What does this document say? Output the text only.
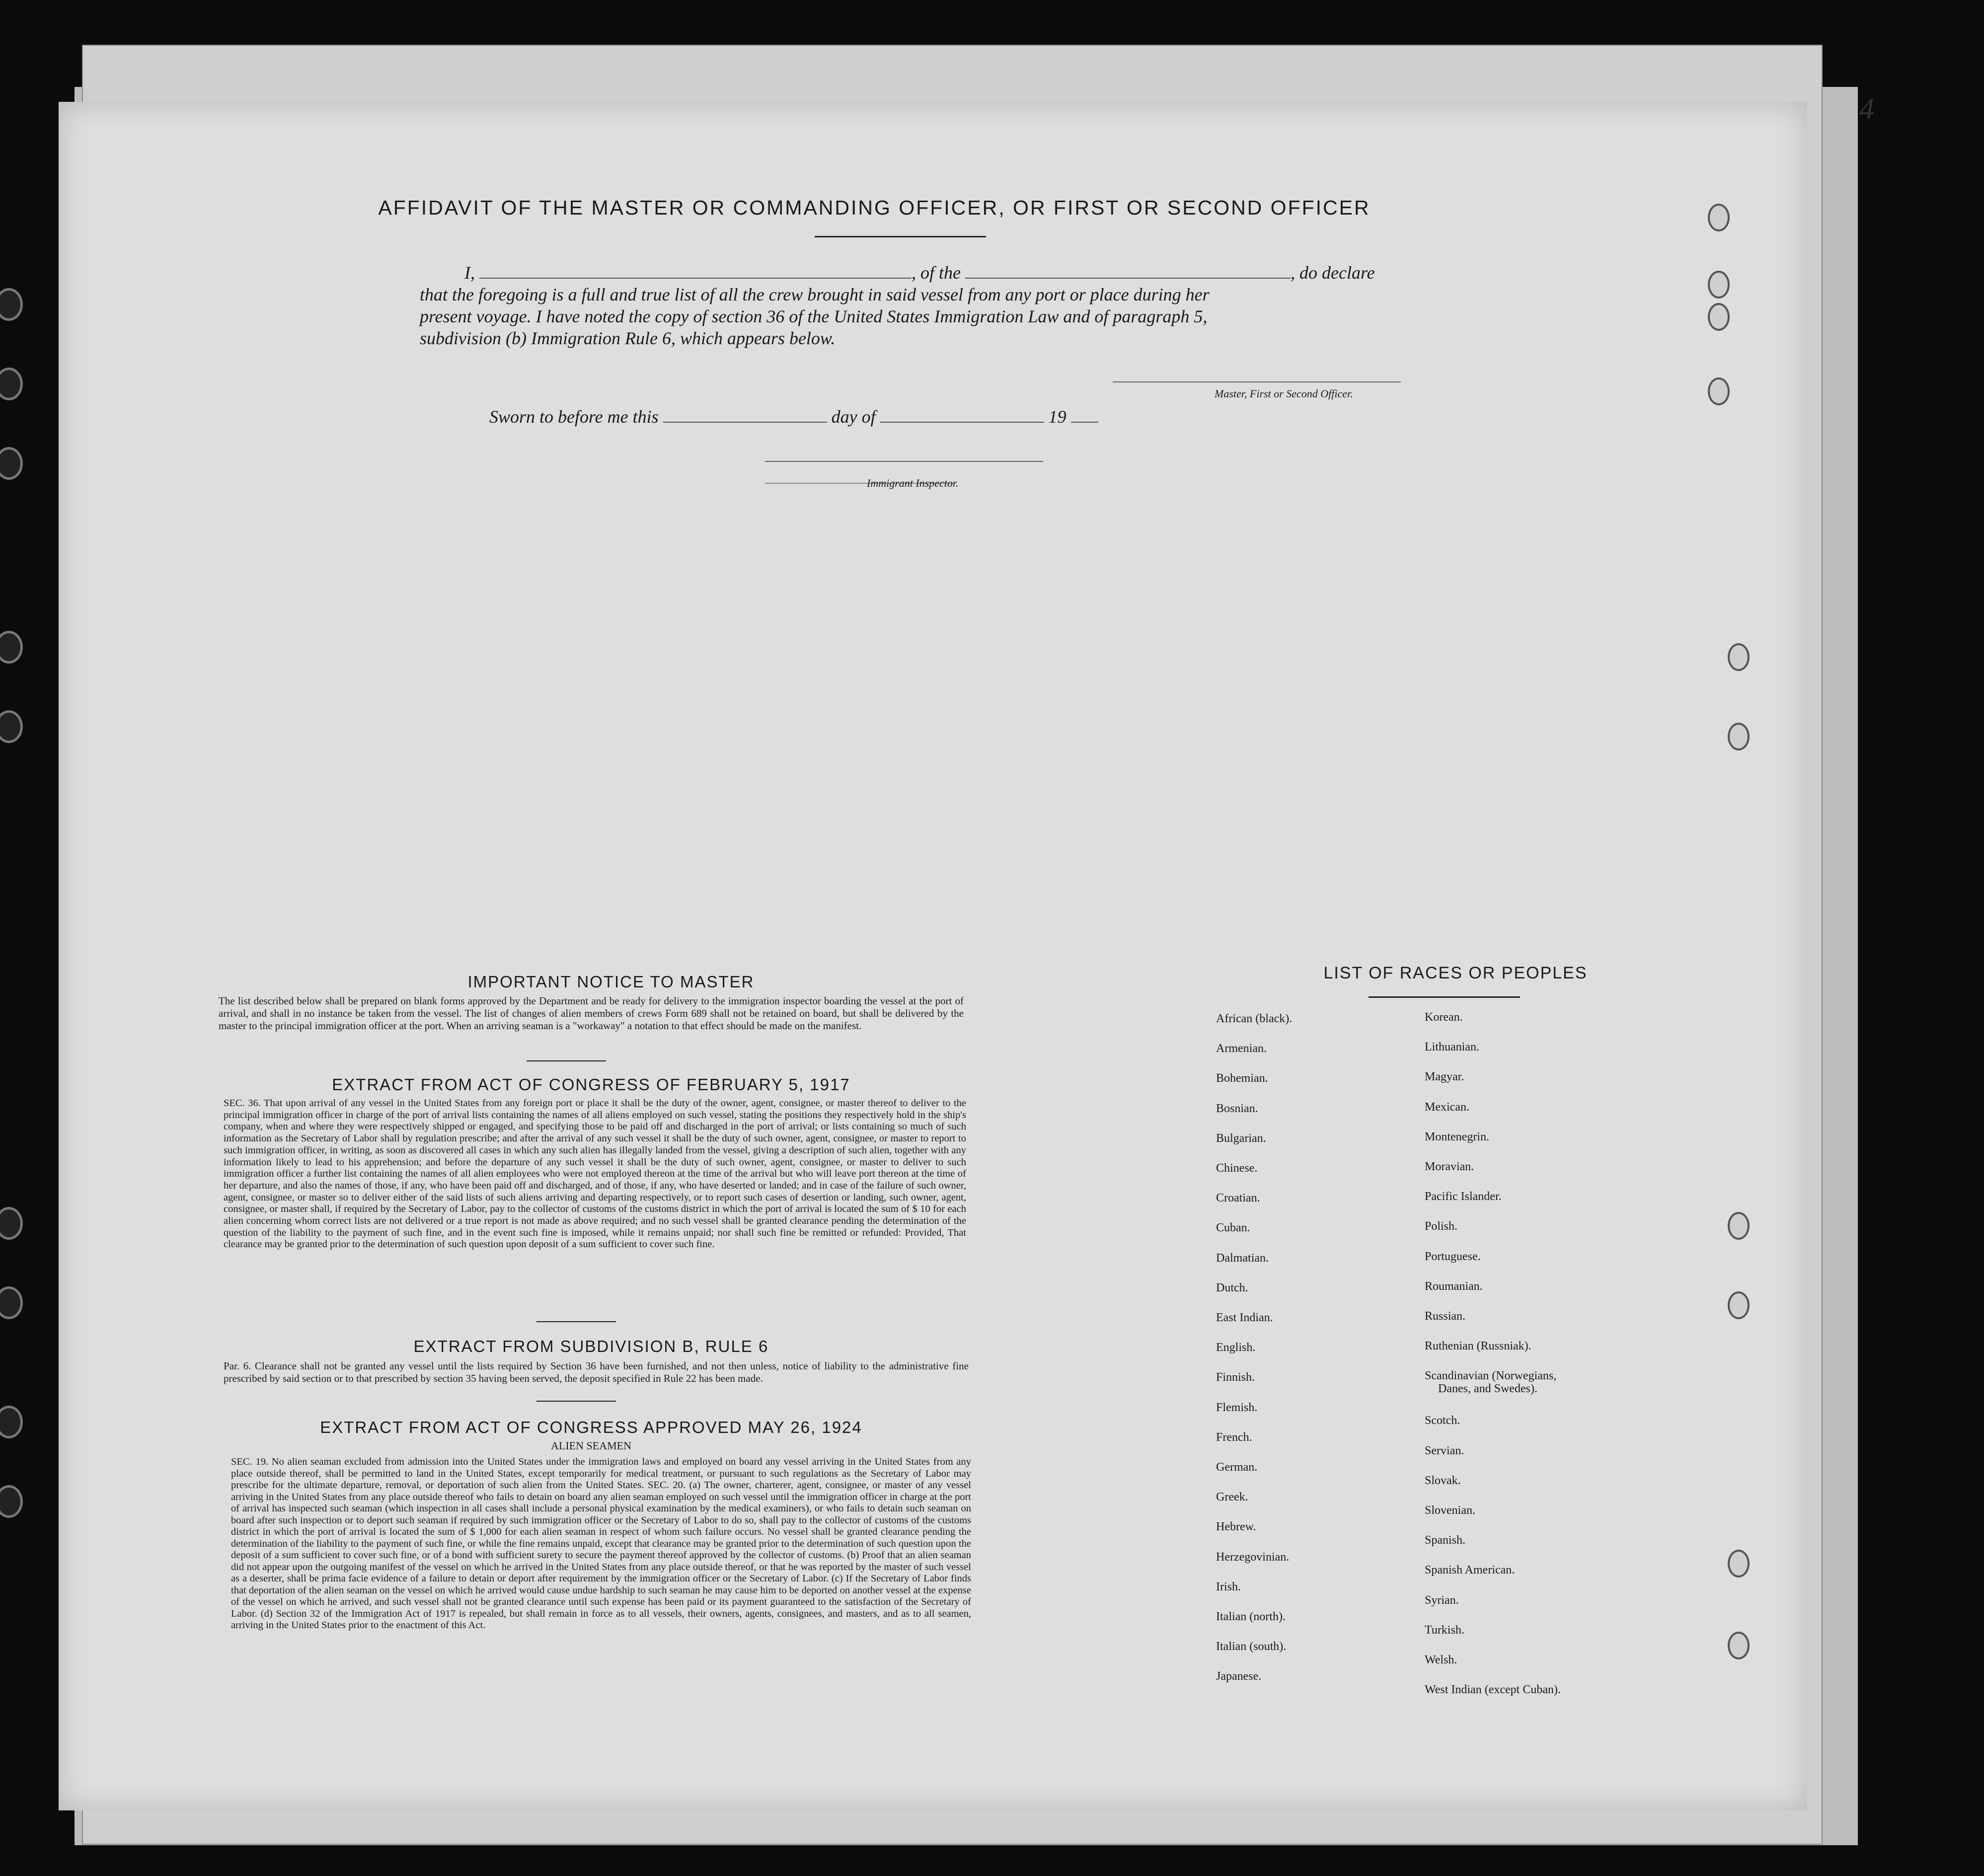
4
AFFIDAVIT OF THE MASTER OR COMMANDING OFFICER, OR FIRST OR SECOND OFFICER
I,	, of the	, do declare
that the foregoing is a full and true list of all the crew brought in said vessel from any port or place during her
present voyage. I have noted the copy of section 36 of the United States Immigration Law and of paragraph 5,
subdivision (b) Immigration Rule 6, which appears below.
Master, First or Second Officer.
Sworn to before me this	day of	19
Immigrant Inspector.
IMPORTANT NOTICE TO MASTER
The list described below shall be prepared on blank forms approved by the Department and be ready for delivery to the immigration inspector boarding the vessel at the port of arrival, and shall in no instance be taken from the vessel. The list of changes of alien members of crews Form 689 shall not be retained on board, but shall be delivered by the master to the principal immigration officer at the port. When an arriving seaman is a "workaway" a notation to that effect should be made on the manifest.
EXTRACT FROM ACT OF CONGRESS OF FEBRUARY 5, 1917
SEC. 36. That upon arrival of any vessel in the United States from any foreign port or place it shall be the duty of the owner, agent, consignee, or master thereof to deliver to the principal immigration officer in charge of the port of arrival lists containing the names of all aliens employed on such vessel, stating the positions they respectively hold in the ship's company, when and where they were respectively shipped or engaged, and specifying those to be paid off and discharged in the port of arrival; or lists containing so much of such information as the Secretary of Labor shall by regulation prescribe; and after the arrival of any such vessel it shall be the duty of such owner, agent, consignee, or master to report to such immigration officer, in writing, as soon as discovered all cases in which any such alien has illegally landed from the vessel, giving a description of such alien, together with any information likely to lead to his apprehension; and before the departure of any such vessel it shall be the duty of such owner, agent, consignee, or master to deliver to such immigration officer a further list containing the names of all alien employees who were not employed thereon at the time of the arrival but who will leave port thereon at the time of her departure, and also the names of those, if any, who have been paid off and discharged, and of those, if any, who have deserted or landed; and in case of the failure of such owner, agent, consignee, or master so to deliver either of the said lists of such aliens arriving and departing respectively, or to report such cases of desertion or landing, such owner, agent, consignee, or master shall, if required by the Secretary of Labor, pay to the collector of customs of the customs district in which the port of arrival is located the sum of $ 10 for each alien concerning whom correct lists are not delivered or a true report is not made as above required; and no such vessel shall be granted clearance pending the determination of the question of the liability to the payment of such fine, and in the event such fine is imposed, while it remains unpaid; nor shall such fine be remitted or refunded: Provided, That clearance may be granted prior to the determination of such question upon deposit of a sum sufficient to cover such fine.
EXTRACT FROM SUBDIVISION B, RULE 6
Par. 6. Clearance shall not be granted any vessel until the lists required by Section 36 have been furnished, and not then unless, notice of liability to the administrative fine prescribed by said section or to that prescribed by section 35 having been served, the deposit specified in Rule 22 has been made.
EXTRACT FROM ACT OF CONGRESS APPROVED MAY 26, 1924
ALIEN SEAMEN
SEC. 19. No alien seaman excluded from admission into the United States under the immigration laws and employed on board any vessel arriving in the United States from any place outside thereof, shall be permitted to land in the United States, except temporarily for medical treatment, or pursuant to such regulations as the Secretary of Labor may prescribe for the ultimate departure, removal, or deportation of such alien from the United States. SEC. 20. (a) The owner, charterer, agent, consignee, or master of any vessel arriving in the United States from any place outside thereof who fails to detain on board any alien seaman employed on such vessel until the immigration officer in charge at the port of arrival has inspected such seaman (which inspection in all cases shall include a personal physical examination by the medical examiners), or who fails to detain such seaman on board after such inspection or to deport such seaman if required by such immigration officer or the Secretary of Labor to do so, shall pay to the collector of customs of the customs district in which the port of arrival is located the sum of $ 1,000 for each alien seaman in respect of whom such failure occurs. No vessel shall be granted clearance pending the determination of the liability to the payment of such fine, or while the fine remains unpaid, except that clearance may be granted prior to the determination of such question upon the deposit of a sum sufficient to cover such fine, or of a bond with sufficient surety to secure the payment thereof approved by the collector of customs. (b) Proof that an alien seaman did not appear upon the outgoing manifest of the vessel on which he arrived in the United States from any place outside thereof, or that he was reported by the master of such vessel as a deserter, shall be prima facie evidence of a failure to detain or deport after requirement by the immigration officer or the Secretary of Labor. (c) If the Secretary of Labor finds that deportation of the alien seaman on the vessel on which he arrived would cause undue hardship to such seaman he may cause him to be deported on another vessel at the expense of the vessel on which he arrived, and such vessel shall not be granted clearance until such expense has been paid or its payment guaranteed to the satisfaction of the Secretary of Labor. (d) Section 32 of the Immigration Act of 1917 is repealed, but shall remain in force as to all vessels, their owners, agents, consignees, and masters, and as to all seamen, arriving in the United States prior to the enactment of this Act.
LIST OF RACES OR PEOPLES
African (black).
Armenian.
Bohemian.
Bosnian.
Bulgarian.
Chinese.
Croatian.
Cuban.
Dalmatian.
Dutch.
East Indian.
English.
Finnish.
Flemish.
French.
German.
Greek.
Hebrew.
Herzegovinian.
Irish.
Italian (north).
Italian (south).
Japanese.
Korean.
Lithuanian.
Magyar.
Mexican.
Montenegrin.
Moravian.
Pacific Islander.
Polish.
Portuguese.
Roumanian.
Russian.
Ruthenian (Russniak).
Scandinavian (Norwegians,
Danes, and Swedes).
Scotch.
Servian.
Slovak.
Slovenian.
Spanish.
Spanish American.
Syrian.
Turkish.
Welsh.
West Indian (except Cuban).
